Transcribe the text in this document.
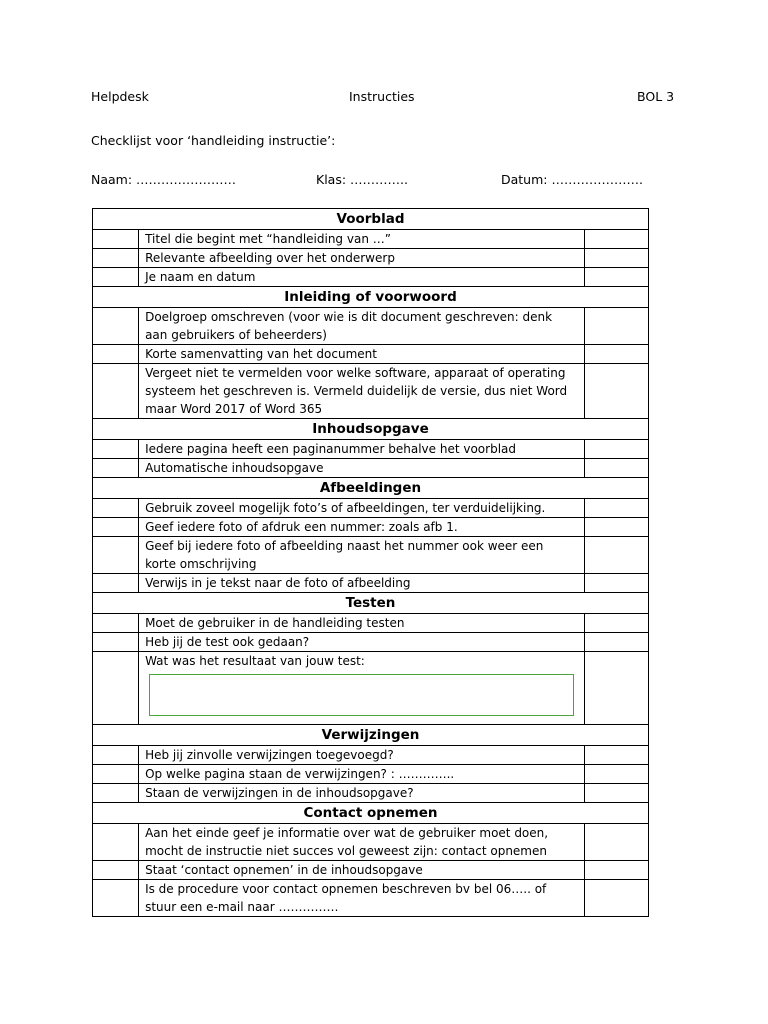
Helpdesk	Instructies	BOL 3
Checklijst voor ‘handleiding instructie’:
Naam: ……………………	Klas: …………..	Datum: ………………….
Voorblad		
	Titel die begint met “handleiding van …”	
	Relevante afbeelding over het onderwerp	
	Je naam en datum	
Inleiding of voorwoord		
	Doelgroep omschreven (voor wie is dit document geschreven: denk aan gebruikers of beheerders)	
	Korte samenvatting van het document	
	Vergeet niet te vermelden voor welke software, apparaat of operating systeem het geschreven is. Vermeld duidelijk de versie, dus niet Word maar Word 2017 of Word 365	
Inhoudsopgave		
	Iedere pagina heeft een paginanummer behalve het voorblad	
	Automatische inhoudsopgave	
Afbeeldingen		
	Gebruik zoveel mogelijk foto’s of afbeeldingen, ter verduidelijking.	
	Geef iedere foto of afdruk een nummer: zoals afb 1.	
	Geef bij iedere foto of afbeelding naast het nummer ook weer een korte omschrijving	
	Verwijs in je tekst naar de foto of afbeelding	
Testen		
	Moet de gebruiker in de handleiding testen	
	Heb jij de test ook gedaan?	
	Wat was het resultaat van jouw test:

Verwijzingen		
	Heb jij zinvolle verwijzingen toegevoegd?	
	Op welke pagina staan de verwijzingen? : …………..	
	Staan de verwijzingen in de inhoudsopgave?	
Contact opnemen		
	Aan het einde geef je informatie over wat de gebruiker moet doen, mocht de instructie niet succes vol geweest zijn: contact opnemen	
	Staat ‘contact opnemen’ in de inhoudsopgave	
	Is de procedure voor contact opnemen beschreven bv bel 06….. of stuur een e-mail naar ……………	
